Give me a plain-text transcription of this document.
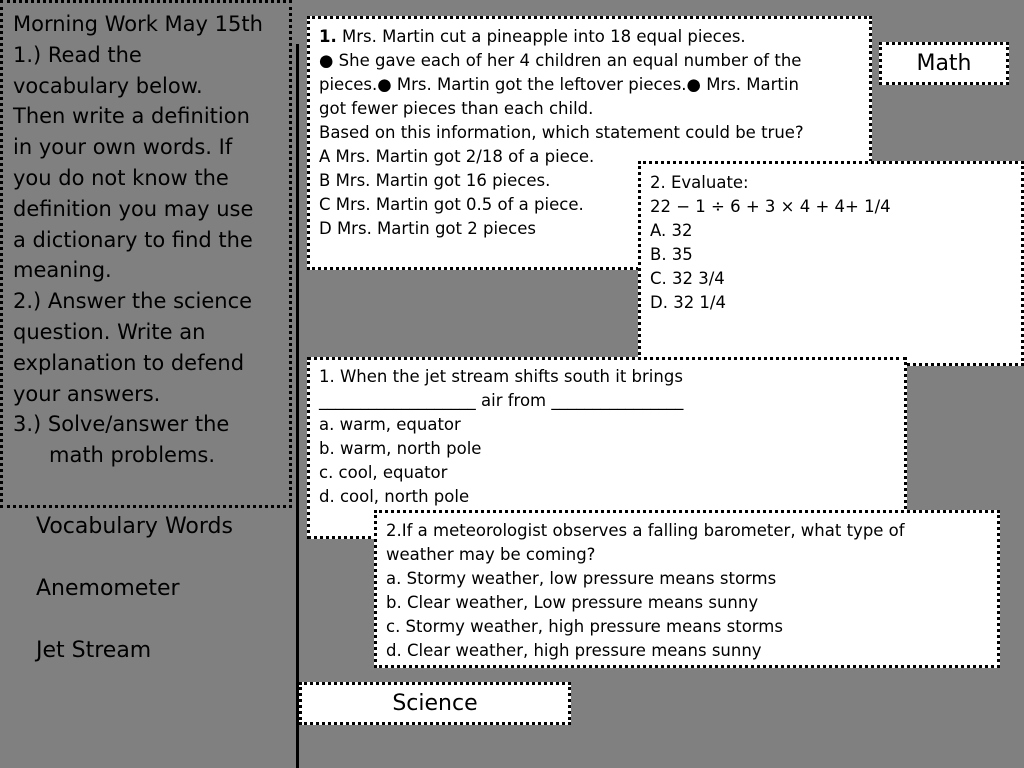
Morning Work May 15th
1.) Read the
vocabulary below.
Then write a definition
in your own words. If
you do not know the
definition you may use
a dictionary to find the
meaning.
2.) Answer the science
question. Write an
explanation to defend
your answers.
3.) Solve/answer the
math problems.
Vocabulary Words
Anemometer
Jet Stream
1. Mrs. Martin cut a pineapple into 18 equal pieces.
● She gave each of her 4 children an equal number of the
pieces.● Mrs. Martin got the leftover pieces.● Mrs. Martin
got fewer pieces than each child.
Based on this information, which statement could be true?
A Mrs. Martin got 2/18 of a piece.
B Mrs. Martin got 16 pieces.
C Mrs. Martin got 0.5 of a piece.
D Mrs. Martin got 2 pieces
Math
2. Evaluate:
22 − 1 ÷ 6 + 3 × 4 + 4+ 1/4
A. 32
B. 35
C. 32 3/4
D. 32 1/4
1. When the jet stream shifts south it brings
___________________ air from ________________
a. warm, equator
b. warm, north pole
c. cool, equator
d. cool, north pole
2.If a meteorologist observes a falling barometer, what type of
weather may be coming?
a. Stormy weather, low pressure means storms
b. Clear weather, Low pressure means sunny
c. Stormy weather, high pressure means storms
d. Clear weather, high pressure means sunny
Science
